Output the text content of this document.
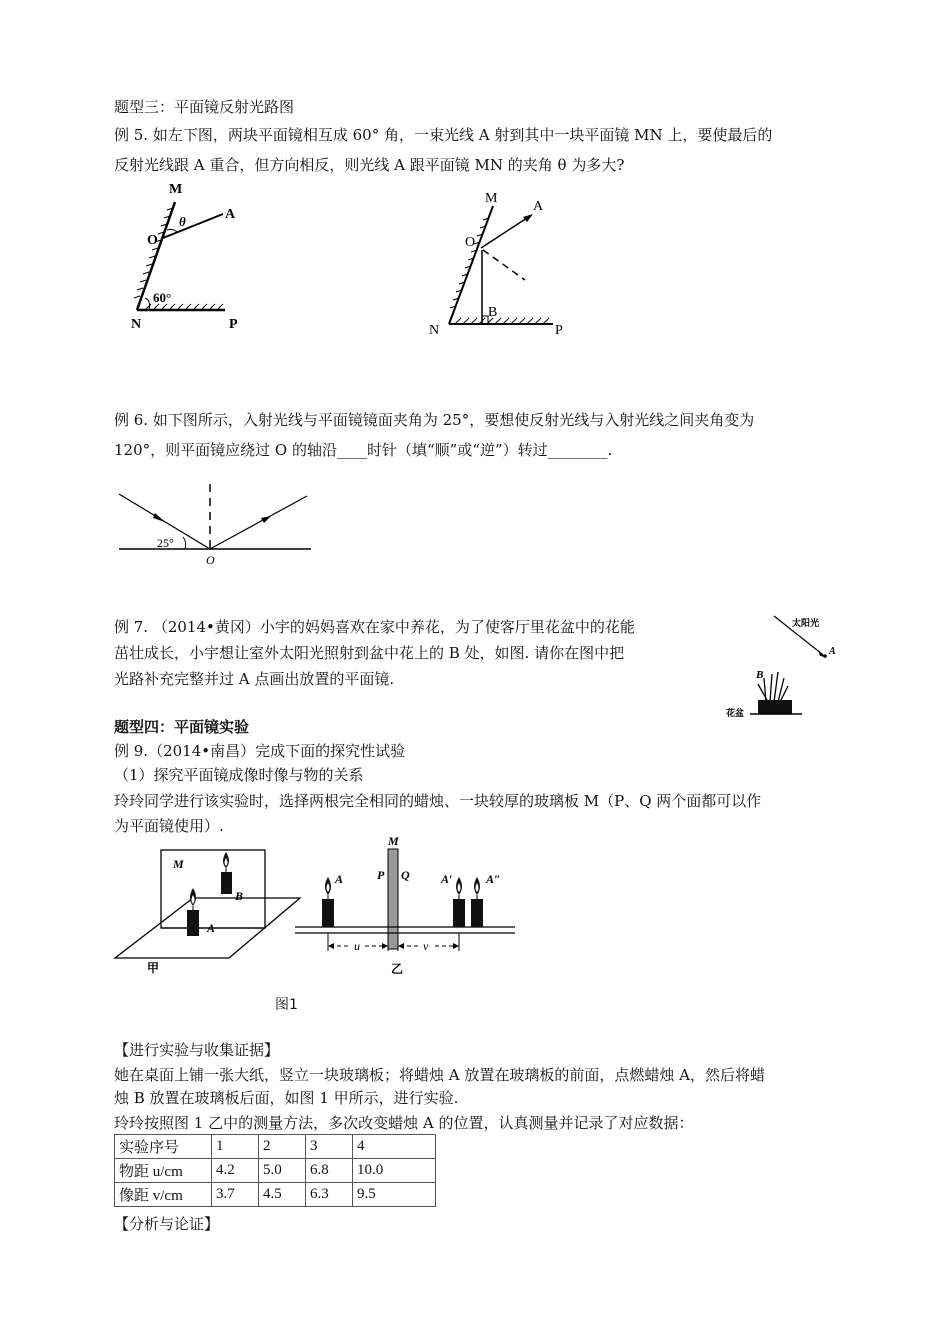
题型三：平面镜反射光路图
例 5. 如左下图，两块平面镜相互成 60° 角，一束光线 A 射到其中一块平面镜 MN 上，要使最后的
反射光线跟 A 重合，但方向相反，则光线 A 跟平面镜 MN 的夹角 θ 为多大?
M
O
θ	A
60°
N	P
M
O
A
B
N	P
例 6. 如下图所示，入射光线与平面镜镜面夹角为 25°，要想使反射光线与入射光线之间夹角变为
120°，则平面镜应绕过 O 的轴沿____时针（填“顺”或“逆”）转过________.
25°
O
例 7. （2014•黄冈）小宇的妈妈喜欢在家中养花，为了使客厅里花盆中的花能
茁壮成长，小宇想让室外太阳光照射到盆中花上的 B 处，如图. 请你在图中把
光路补充完整并过 A 点画出放置的平面镜.
太阳光
A
B
花盆
题型四：平面镜实验
例 9.（2014•南昌）完成下面的探究性试验
（1）探究平面镜成像时像与物的关系
玲玲同学进行该实验时，选择两根完全相同的蜡烛、一块较厚的玻璃板 M（P、Q 两个面都可以作
为平面镜使用）.
M
B
A
甲
M
A	P Q	A′	A″
u	v
乙
图1
【进行实验与收集证据】
她在桌面上铺一张大纸，竖立一块玻璃板；将蜡烛 A 放置在玻璃板的前面，点燃蜡烛 A，然后将蜡
烛 B 放置在玻璃板后面，如图 1 甲所示，进行实验.
玲玲按照图 1 乙中的测量方法，多次改变蜡烛 A 的位置，认真测量并记录了对应数据：
实验序号	1	2	3	4
物距 u/cm	4.2	5.0	6.8	10.0
像距 v/cm	3.7	4.5	6.3	9.5
【分析与论证】
